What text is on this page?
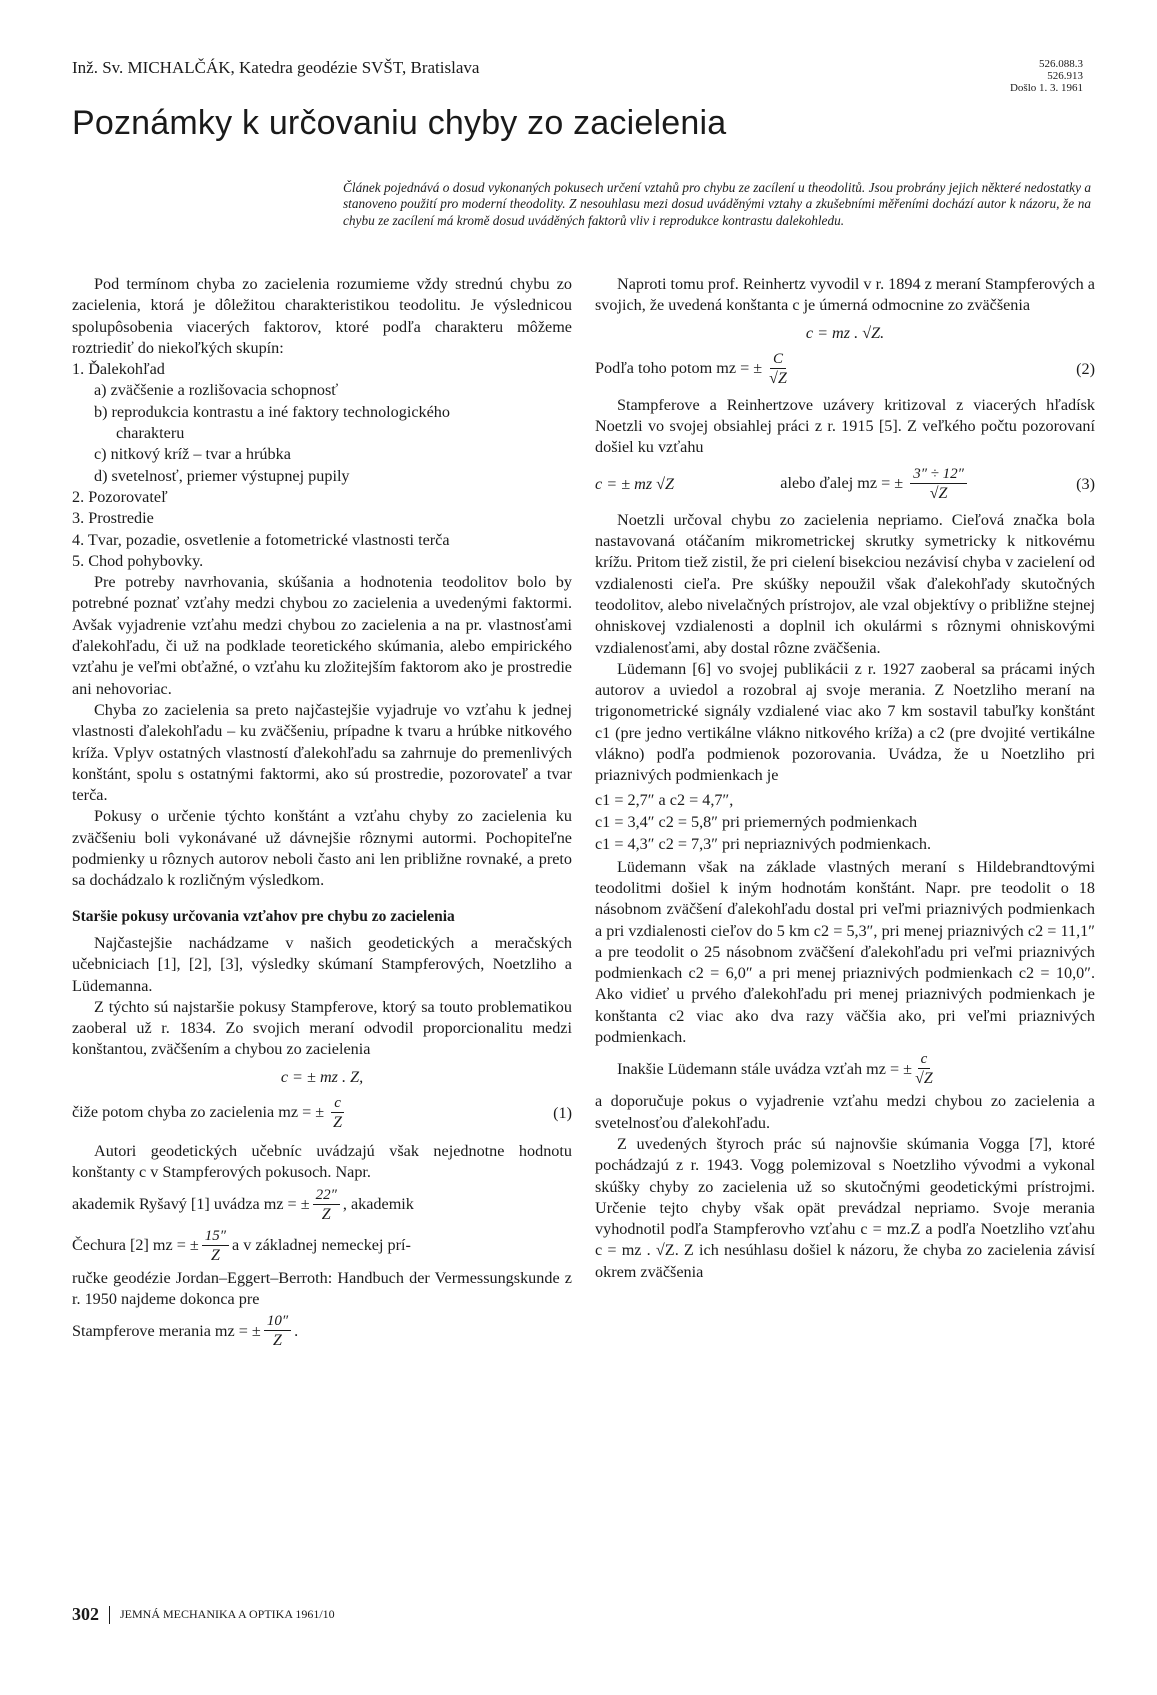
Inž. Sv. MICHALČÁK, Katedra geodézie SVŠT, Bratislava	526.088.3
526.913
Došlo 1. 3. 1961
Poznámky k určovaniu chyby zo zacielenia
Článek pojednává o dosud vykonaných pokusech určení vztahů pro chybu ze zacílení u theodolitů. Jsou probrány jejich některé nedostatky a stanoveno použití pro moderní theodolity. Z nesouhlasu mezi dosud uváděnými vztahy a zkušebními měřeními dochází autor k názoru, že na chybu ze zacílení má kromě dosud uváděných faktorů vliv i reprodukce kontrastu dalekohledu.

Pod termínom chyba zo zacielenia rozumieme vždy strednú chybu zo zacielenia, ktorá je dôležitou charakteristikou teodolitu. Je výslednicou spolupôsobenia viacerých faktorov, ktoré podľa charakteru môžeme roztriediť do niekoľkých skupín:

1. Ďalekohľad
a) zväčšenie a rozlišovacia schopnosť
b) reprodukcia kontrastu a iné faktory technologického
charakteru
c) nitkový kríž – tvar a hrúbka
d) svetelnosť, priemer výstupnej pupily
2. Pozorovateľ
3. Prostredie
4. Tvar, pozadie, osvetlenie a fotometrické vlastnosti terča
5. Chod pohybovky.

Pre potreby navrhovania, skúšania a hodnotenia teodolitov bolo by potrebné poznať vzťahy medzi chybou zo zacielenia a uvedenými faktormi. Avšak vyjadrenie vzťahu medzi chybou zo zacielenia a na pr. vlastnosťami ďalekohľadu, či už na podklade teoretického skúmania, alebo empirického vzťahu je veľmi obťažné, o vzťahu ku zložitejším faktorom ako je prostredie ani nehovoriac.

Chyba zo zacielenia sa preto najčastejšie vyjadruje vo vzťahu k jednej vlastnosti ďalekohľadu – ku zväčšeniu, prípadne k tvaru a hrúbke nitkového kríža. Vplyv ostatných vlastností ďalekohľadu sa zahrnuje do premenlivých konštánt, spolu s ostatnými faktormi, ako sú prostredie, pozorovateľ a tvar terča.

Pokusy o určenie týchto konštánt a vzťahu chyby zo zacielenia ku zväčšeniu boli vykonávané už dávnejšie rôznymi autormi. Pochopiteľne podmienky u rôznych autorov neboli často ani len približne rovnaké, a preto sa dochádzalo k rozličným výsledkom.

Staršie pokusy určovania vzťahov pre chybu zo zacielenia

Najčastejšie nachádzame v našich geodetických a meračských učebniciach [1], [2], [3], výsledky skúmaní Stampferových, Noetzliho a Lüdemanna.

Z týchto sú najstaršie pokusy Stampferove, ktorý sa touto problematikou zaoberal už r. 1834. Zo svojich meraní odvodil proporcionalitu medzi konštantou, zväčšením a chybou zo zacielenia

c = ± mz . Z,
čiže potom chyba zo zacielenia mz = ± $\frac{c}{Z}$	(1)

Autori geodetických učebníc uvádzajú však nejednotne hodnotu konštanty c v Stampferových pokusoch. Napr.

akademik Ryšavý [1] uvádza mz = ± $\frac{22''}{Z}$ , akademik
Čechura [2] mz = ± $\frac{15''}{Z}$ a v základnej nemeckej prí-

ručke geodézie Jordan–Eggert–Berroth: Handbuch der Vermessungskunde z r. 1950 najdeme dokonca pre

Stampferove merania mz = ± $\frac{10''}{Z}$ .

Naproti tomu prof. Reinhertz vyvodil v r. 1894 z meraní Stampferových a svojich, že uvedená konštanta c je úmerná odmocnine zo zväčšenia

c = mz . √Z.
Podľa toho potom mz = ± $\frac{C}{√Z}$	(2)

Stampferove a Reinhertzove uzávery kritizoval z viacerých hľadísk Noetzli vo svojej obsiahlej práci z r. 1915 [5]. Z veľkého počtu pozorovaní došiel ku vzťahu

c = ± mz √Z	alebo ďalej mz = ± $\frac{3'' \div 12''}{√Z}$	(3)

Noetzli určoval chybu zo zacielenia nepriamo. Cieľová značka bola nastavovaná otáčaním mikrometrickej skrutky symetricky k nitkovému krížu. Pritom tiež zistil, že pri cielení bisekciou nezávisí chyba v zacielení od vzdialenosti cieľa. Pre skúšky nepoužil však ďalekohľady skutočných teodolitov, alebo nivelačných prístrojov, ale vzal objektívy o približne stejnej ohniskovej vzdialenosti a doplnil ich okulármi s rôznymi ohniskovými vzdialenosťami, aby dostal rôzne zväčšenia.

Lüdemann [6] vo svojej publikácii z r. 1927 zaoberal sa prácami iných autorov a uviedol a rozobral aj svoje merania. Z Noetzliho meraní na trigonometrické signály vzdialené viac ako 7 km sostavil tabuľky konštánt c1 (pre jedno vertikálne vlákno nitkového kríža) a c2 (pre dvojité vertikálne vlákno) podľa podmienok pozorovania. Uvádza, že u Noetzliho pri priaznivých podmienkach je

c1 = 2,7″ a c2 = 4,7″,
c1 = 3,4″ c2 = 5,8″ pri priemerných podmienkach
c1 = 4,3″ c2 = 7,3″ pri nepriaznivých podmienkach.

Lüdemann však na základe vlastných meraní s Hildebrandtovými teodolitmi došiel k iným hodnotám konštánt. Napr. pre teodolit o 18 násobnom zväčšení ďalekohľadu dostal pri veľmi priaznivých podmienkach a pri vzdialenosti cieľov do 5 km c2 = 5,3″, pri menej priaznivých c2 = 11,1″ a pre teodolit o 25 násobnom zväčšení ďalekohľadu pri veľmi priaznivých podmienkach c2 = 6,0″ a pri menej priaznivých podmienkach c2 = 10,0″. Ako vidieť u prvého ďalekohľadu pri menej priaznivých podmienkach je konštanta c2 viac ako dva razy väčšia ako, pri veľmi priaznivých podmienkach.

Inakšie Lüdemann stále uvádza vzťah mz = ± $\frac{c}{√Z}$

a doporučuje pokus o vyjadrenie vzťahu medzi chybou zo zacielenia a svetelnosťou ďalekohľadu.

Z uvedených štyroch prác sú najnovšie skúmania Vogga [7], ktoré pochádzajú z r. 1943. Vogg polemizoval s Noetzliho vývodmi a vykonal skúšky chyby zo zacielenia už so skutočnými geodetickými prístrojmi. Určenie tejto chyby však opät prevádzal nepriamo. Svoje merania vyhodnotil podľa Stampferovho vzťahu c = mz.Z a podľa Noetzliho vzťahu c = mz . √Z. Z ich nesúhlasu došiel k názoru, že chyba zo zacielenia závisí okrem zväčšenia

302 JEMNÁ MECHANIKA A OPTIKA 1961/10
